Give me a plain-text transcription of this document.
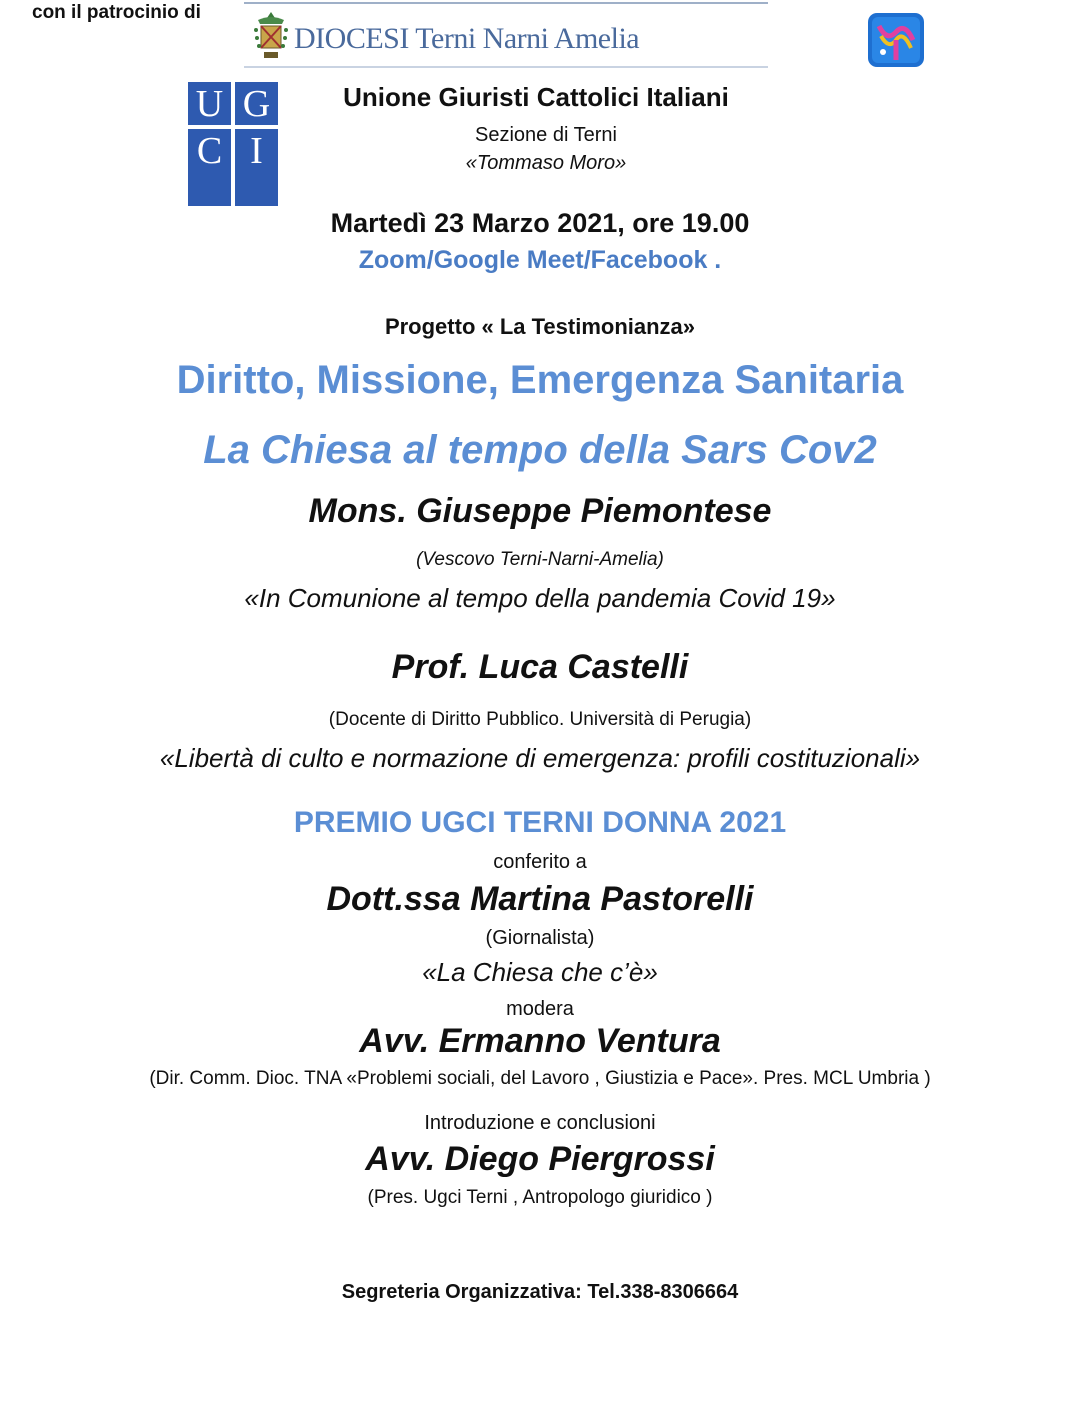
con il patrocinio di
DIOCESI Terni Narni Amelia
U G
C I
Unione Giuristi Cattolici Italiani
Sezione di Terni
«Tommaso Moro»
Martedì 23 Marzo 2021, ore 19.00
Zoom/Google Meet/Facebook .
Progetto « La Testimonianza»
Diritto, Missione, Emergenza Sanitaria
La Chiesa al tempo della Sars Cov2
Mons. Giuseppe Piemontese
(Vescovo Terni-Narni-Amelia)
«In Comunione al tempo della pandemia Covid 19»
Prof. Luca Castelli
(Docente di Diritto Pubblico. Università di Perugia)
«Libertà di culto e normazione di emergenza: profili costituzionali»
PREMIO UGCI TERNI DONNA 2021
conferito a
Dott.ssa Martina Pastorelli
(Giornalista)
«La Chiesa che c’è»
modera
Avv. Ermanno Ventura
(Dir. Comm. Dioc. TNA «Problemi sociali, del Lavoro , Giustizia e Pace». Pres. MCL Umbria )
Introduzione e conclusioni
Avv. Diego Piergrossi
(Pres. Ugci Terni , Antropologo giuridico )
Segreteria Organizzativa: Tel.338-8306664
